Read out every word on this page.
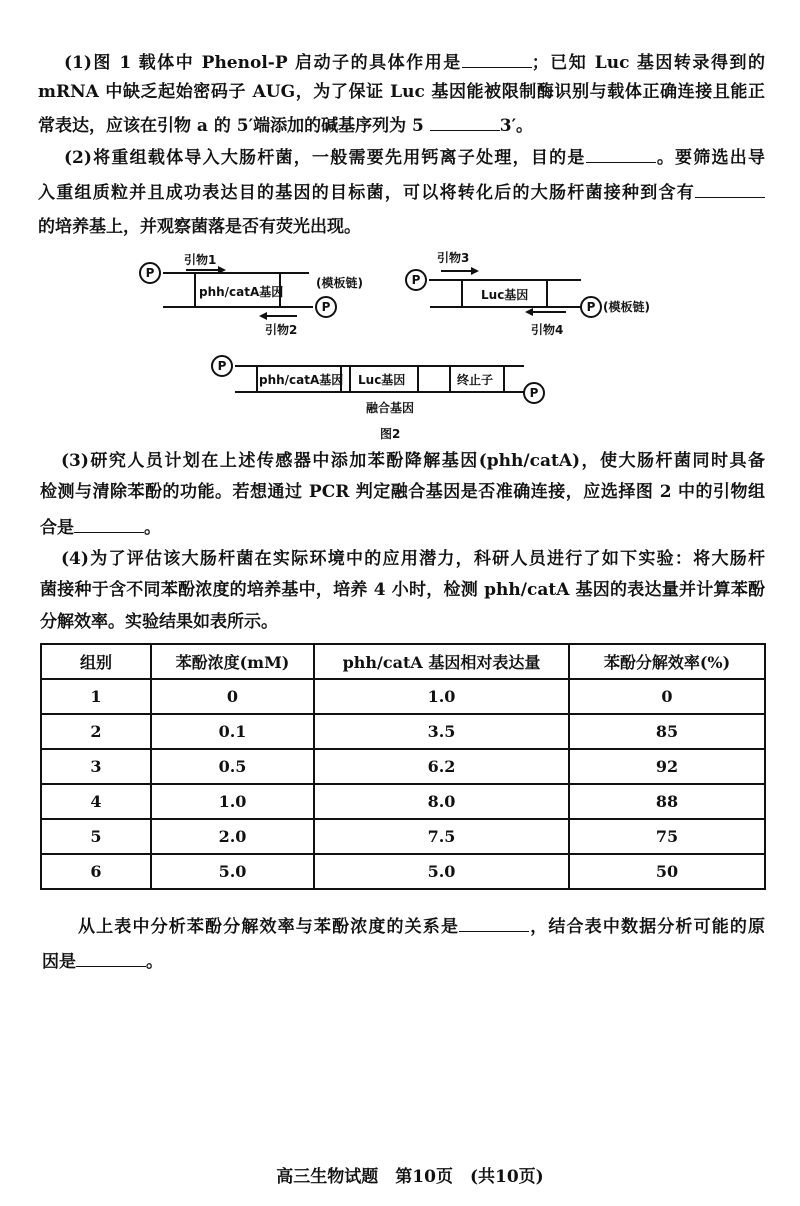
(1)图 1 载体中 Phenol-P 启动子的具体作用是	；已知 Luc 基因转录得到的
mRNA 中缺乏起始密码子 AUG，为了保证 Luc 基因能被限制酶识别与载体正确连接且能正
常表达，应该在引物 a 的 5′端添加的碱基序列为 5	3′。
(2)将重组载体导入大肠杆菌，一般需要先用钙离子处理，目的是	。要筛选出导
入重组质粒并且成功表达目的基因的目标菌，可以将转化后的大肠杆菌接种到含有
的培养基上，并观察菌落是否有荧光出现。
P
P
P
P
P
P
引物1
引物2
引物3
引物4
(模板链)
(模板链)
phh/catA基因	Luc基因
phh/catA基因 Luc基因	终止子
融合基因
图2
(3)研究人员计划在上述传感器中添加苯酚降解基因(phh/catA)，使大肠杆菌同时具备
检测与清除苯酚的功能。若想通过 PCR 判定融合基因是否准确连接，应选择图 2 中的引物组
合是	。
(4)为了评估该大肠杆菌在实际环境中的应用潜力，科研人员进行了如下实验：将大肠杆
菌接种于含不同苯酚浓度的培养基中，培养 4 小时，检测 phh/catA 基因的表达量并计算苯酚
分解效率。实验结果如表所示。
组别	苯酚浓度(mM)	phh/catA 基因相对表达量	苯酚分解效率(%)
1	0	1.0	0
2	0.1	3.5	85
3	0.5	6.2	92
4	1.0	8.0	88
5	2.0	7.5	75
6	5.0	5.0	50
从上表中分析苯酚分解效率与苯酚浓度的关系是	，结合表中数据分析可能的原
因是	。
高三生物试题　第10页　(共10页)
